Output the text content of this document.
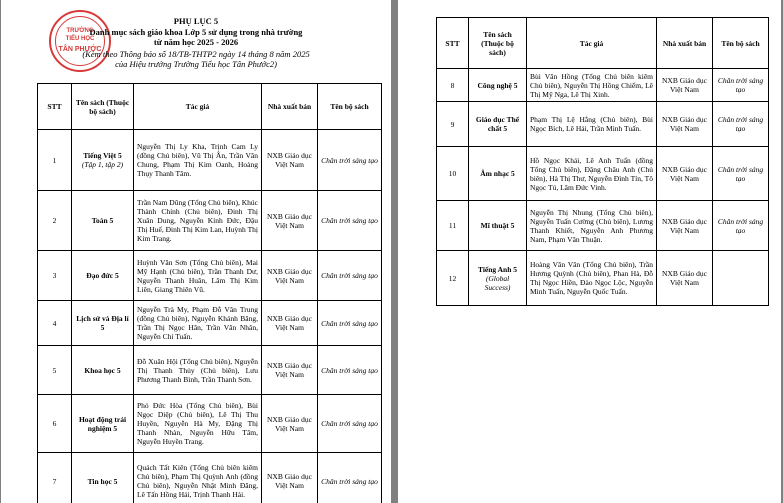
TRƯỜNG
TIỂU HỌC
TÂN PHƯỚC
PHỤ LỤC 5
Danh mục sách giáo khoa Lớp 5 sử dụng trong nhà trường
từ năm học 2025 - 2026
(Kèm theo Thông báo số 18/TB-THTP2 ngày 14 tháng 8 năm 2025
của Hiệu trưởng Trường Tiểu học Tân Phước2)
STT	Tên sách (Thuộc bộ sách)	Tác giả	Nhà xuất bản	Tên bộ sách
1	Tiếng Việt 5
(Tập 1, tập 2)	Nguyễn Thị Ly Kha, Trịnh Cam Ly (đồng Chủ biên), Vũ Thị Ân, Trần Văn Chung, Phạm Thị Kim Oanh, Hoàng Thụy Thanh Tâm.	NXB Giáo dục Việt Nam	Chân trời sáng tạo
2	Toán 5	Trần Nam Dũng (Tổng Chủ biên), Khúc Thành Chính (Chủ biên), Đinh Thị Xuân Dung, Nguyễn Kính Đức, Đậu Thị Huế, Đinh Thị Kim Lan, Huỳnh Thị Kim Trang.	NXB Giáo dục Việt Nam	Chân trời sáng tạo
3	Đạo đức 5	Huỳnh Văn Sơn (Tổng Chủ biên), Mai Mỹ Hạnh (Chủ biên), Trần Thanh Dư, Nguyễn Thanh Huân, Lâm Thị Kim Liên, Giang Thiên Vũ.	NXB Giáo dục Việt Nam	Chân trời sáng tạo
4	Lịch sử và Địa lí 5	Nguyễn Trà My, Phạm Đỗ Văn Trung (đồng Chủ biên), Nguyễn Khánh Băng, Trần Thị Ngọc Hân, Trần Văn Nhân, Nguyễn Chí Tuấn.	NXB Giáo dục Việt Nam	Chân trời sáng tạo
5	Khoa học 5	Đỗ Xuân Hội (Tổng Chủ biên), Nguyễn Thị Thanh Thủy (Chủ biên), Lưu Phương Thanh Bình, Trần Thanh Sơn.	NXB Giáo dục Việt Nam	Chân trời sáng tạo
6	Hoạt động trải nghiệm 5	Phó Đức Hòa (Tổng Chủ biên), Bùi Ngọc Diệp (Chủ biên), Lê Thị Thu Huyền, Nguyễn Hà My, Đặng Thị Thanh Nhàn, Nguyễn Hữu Tâm, Nguyễn Huyền Trang.	NXB Giáo dục Việt Nam	Chân trời sáng tạo
7	Tin học 5	Quách Tất Kiên (Tổng Chủ biên kiêm Chủ biên), Phạm Thị Quỳnh Anh (đồng Chủ biên), Nguyễn Nhật Minh Đăng, Lê Tấn Hồng Hải, Trịnh Thanh Hải.	NXB Giáo dục Việt Nam	Chân trời sáng tạo
STT	Tên sách (Thuộc bộ sách)	Tác giả	Nhà xuất bản	Tên bộ sách
8	Công nghệ 5	Bùi Văn Hồng (Tổng Chủ biên kiêm Chủ biên), Nguyễn Thị Hồng Chiếm, Lê Thị Mỹ Nga, Lê Thị Xinh.	NXB Giáo dục Việt Nam	Chân trời sáng tạo
9	Giáo dục Thể chất 5	Phạm Thị Lệ Hằng (Chủ biên), Bùi Ngọc Bích, Lê Hải, Trần Minh Tuấn.	NXB Giáo dục Việt Nam	Chân trời sáng tạo
10	Âm nhạc 5	Hồ Ngọc Khải, Lê Anh Tuấn (đồng Tổng Chủ biên), Đặng Châu Anh (Chủ biên), Hà Thị Thư, Nguyễn Đình Tín, Tô Ngọc Tú, Lâm Đức Vinh.	NXB Giáo dục Việt Nam	Chân trời sáng tạo
11	Mĩ thuật 5	Nguyễn Thị Nhung (Tổng Chủ biên), Nguyễn Tuấn Cường (Chủ biên), Lương Thanh Khiết, Nguyễn Anh Phương Nam, Phạm Văn Thuận.	NXB Giáo dục Việt Nam	Chân trời sáng tạo
12	Tiếng Anh 5
(Global Success)	Hoàng Văn Vân (Tổng Chủ biên), Trần Hương Quỳnh (Chủ biên), Phan Hà, Đỗ Thị Ngọc Hiền, Đào Ngọc Lộc, Nguyễn Minh Tuấn, Nguyễn Quốc Tuấn.	NXB Giáo dục Việt Nam	
